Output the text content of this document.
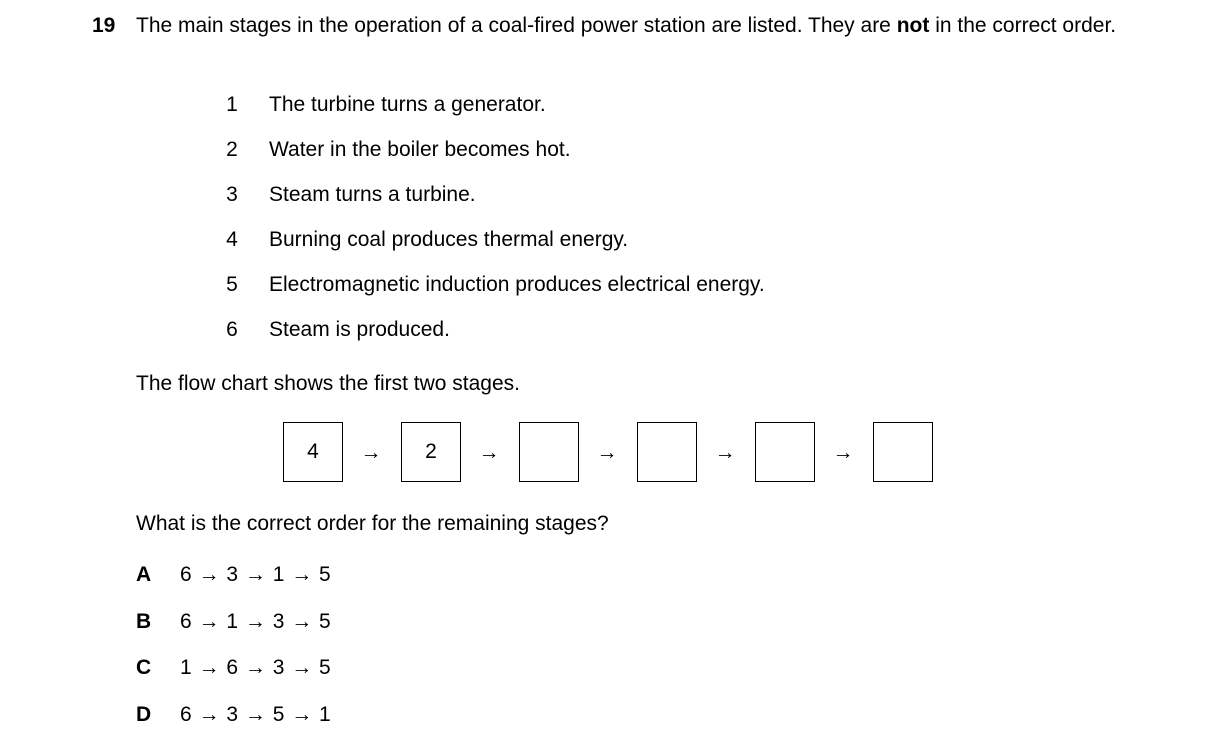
19 The main stages in the operation of a coal-fired power station are listed. They are not in the correct order.
1 The turbine turns a generator.
2 Water in the boiler becomes hot.
3 Steam turns a turbine.
4 Burning coal produces thermal energy.
5 Electromagnetic induction produces electrical energy.
6 Steam is produced.
The flow chart shows the first two stages.
4	→	2	→	→	→	→
What is the correct order for the remaining stages?
A 6 → 3 → 1 → 5
B 6 → 1 → 3 → 5
C 1 → 6 → 3 → 5
D 6 → 3 → 5 → 1
